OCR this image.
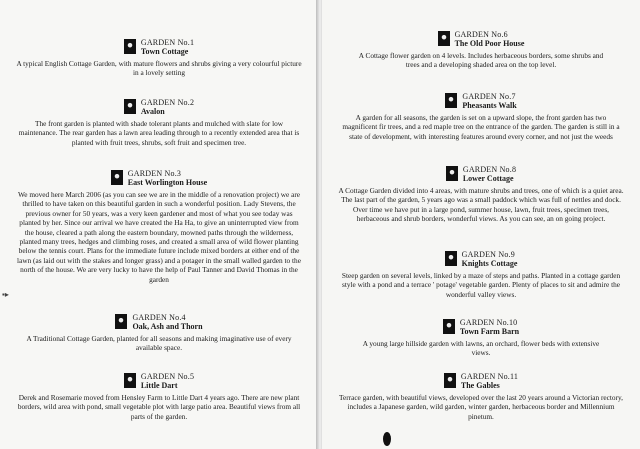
▪▸
GARDEN No.1
Town Cottage
A typical English Cottage Garden, with mature flowers and shrubs giving a very colourful picture in a lovely setting
GARDEN No.2
Avalon
The front garden is planted with shade tolerant plants and mulched with slate for low maintenance. The rear garden has a lawn area leading through to a recently extended area that is planted with fruit trees, shrubs, soft fruit and specimen tree.
GARDEN No.3
East Worlington House
We moved here March 2006 (as you can see we are in the middle of a renovation project) we are thrilled to have taken on this beautiful garden in such a wonderful position. Lady Stevens, the previous owner for 50 years, was a very keen gardener and most of what you see today was planted by her. Since our arrival we have created the Ha Ha, to give an uninterrupted view from the house, cleared a path along the eastern boundary, mowned paths through the wilderness, planted many trees, hedges and climbing roses, and created a small area of wild flower planting below the tennis court. Plans for the immediate future include mixed borders at either end of the lawn (as laid out with the stakes and longer grass) and a potager in the small walled garden to the north of the house. We are very lucky to have the help of Paul Tanner and David Thomas in the garden
GARDEN No.4
Oak, Ash and Thorn
A Traditional Cottage Garden, planted for all seasons and making imaginative use of every available space.
GARDEN No.5
Little Dart
Derek and Rosemarie moved from Hensley Farm to Little Dart 4 years ago. There are new plant borders, wild area with pond, small vegetable plot with large patio area. Beautiful views from all parts of the garden.
GARDEN No.6
The Old Poor House
A Cottage flower garden on 4 levels. Includes herbaceous borders, some shrubs and trees and a developing shaded area on the top level.
GARDEN No.7
Pheasants Walk
A garden for all seasons, the garden is set on a upward slope, the front garden has two magnificent fir trees, and a red maple tree on the entrance of the garden. The garden is still in a state of development, with interesting features around every corner, and not just the weeds
GARDEN No.8
Lower Cottage
A Cottage Garden divided into 4 areas, with mature shrubs and trees, one of which is a quiet area. The last part of the garden, 5 years ago was a small paddock which was full of nettles and dock. Over time we have put in a large pond, summer house, lawn, fruit trees, specimen trees, herbaceous and shrub borders, wonderful views. As you can see, an on going project.
GARDEN No.9
Knights Cottage
Steep garden on several levels, linked by a maze of steps and paths. Planted in a cottage garden style with a pond and a terrace ' potage' vegetable garden. Plenty of places to sit and admire the wonderful valley views.
GARDEN No.10
Town Farm Barn
A young large hillside garden with lawns, an orchard, flower beds with extensive views.
GARDEN No.11
The Gables
Terrace garden, with beautiful views, developed over the last 20 years around a Victorian rectory, includes a Japanese garden, wild garden, winter garden, herbaceous border and Millennium pinetum.
